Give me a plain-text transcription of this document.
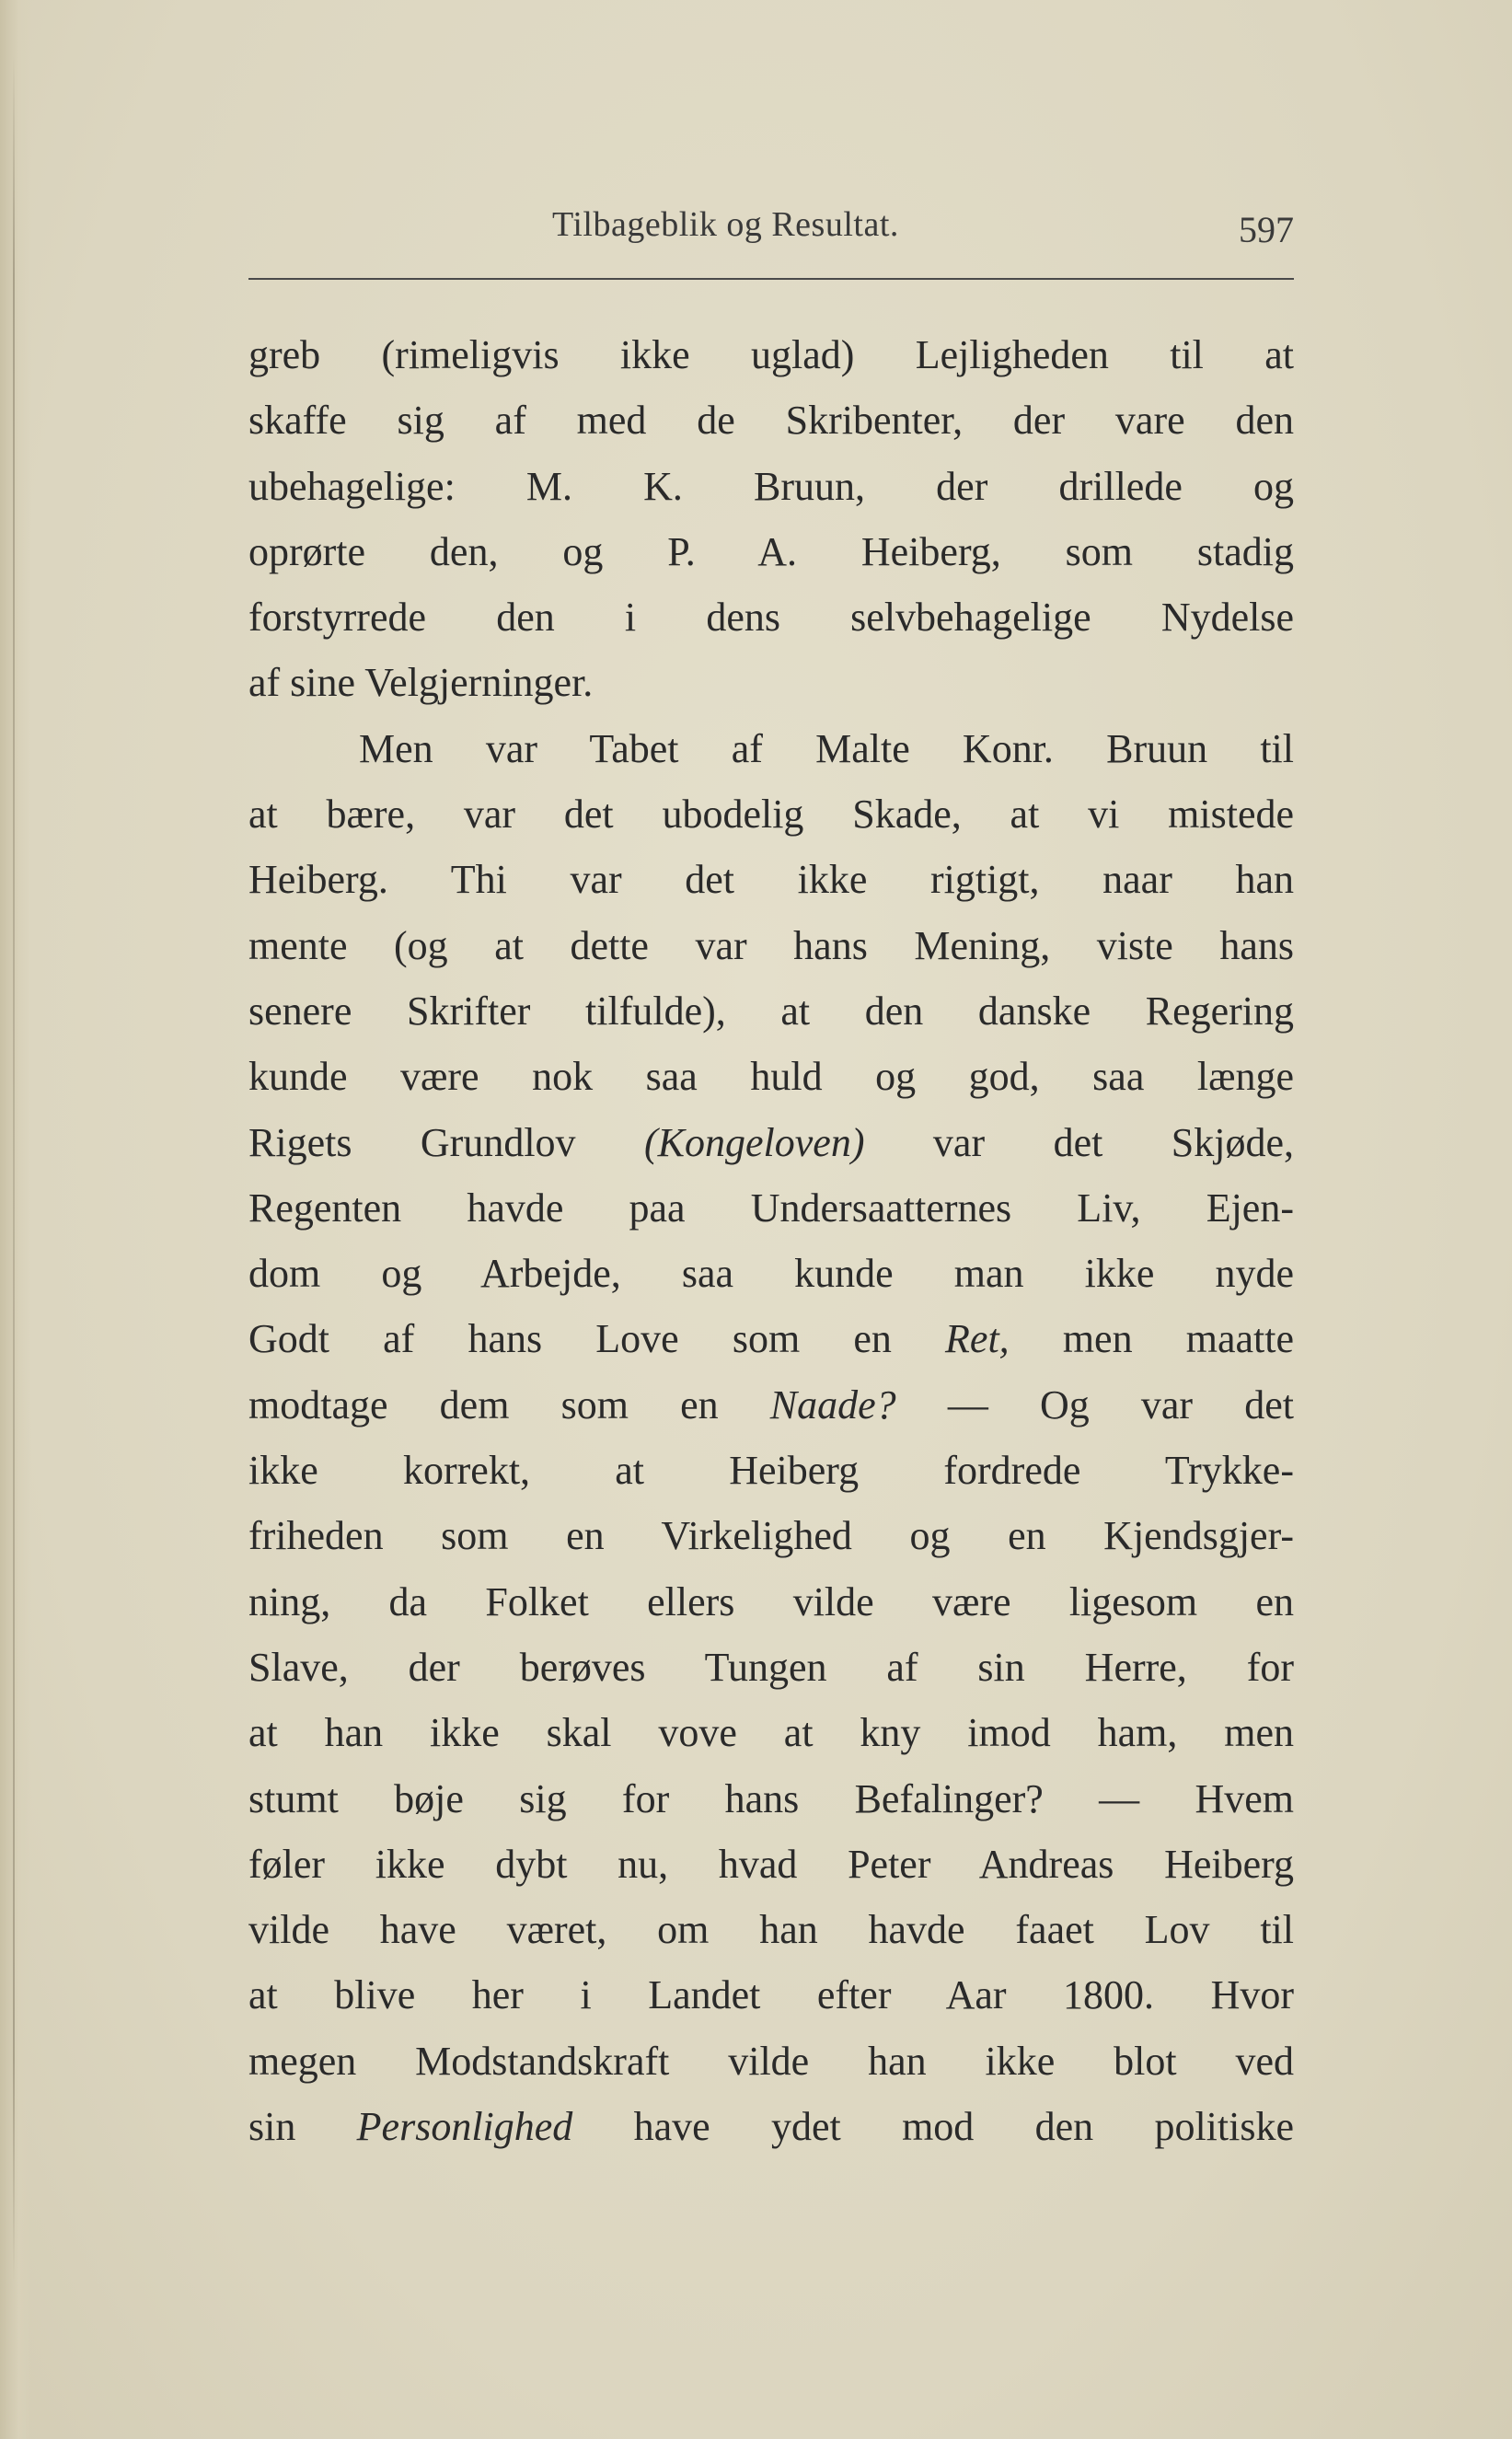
Tilbageblik og Resultat.	597
greb (rimeligvis ikke uglad) Lejligheden til at
skaffe sig af med de Skribenter, der vare den
ubehagelige: M. K. Bruun, der drillede og
oprørte den, og P. A. Heiberg, som stadig
forstyrrede den i dens selvbehagelige Nydelse
af sine Velgjerninger.
Men var Tabet af Malte Konr. Bruun til
at bære, var det ubodelig Skade, at vi mistede
Heiberg. Thi var det ikke rigtigt, naar han
mente (og at dette var hans Mening, viste hans
senere Skrifter tilfulde), at den danske Regering
kunde være nok saa huld og god, saa længe
Rigets Grundlov (Kongeloven) var det Skjøde,
Regenten havde paa Undersaatternes Liv, Ejen-
dom og Arbejde, saa kunde man ikke nyde
Godt af hans Love som en Ret, men maatte
modtage dem som en Naade? — Og var det
ikke korrekt, at Heiberg fordrede Trykke-
friheden som en Virkelighed og en Kjendsgjer-
ning, da Folket ellers vilde være ligesom en
Slave, der berøves Tungen af sin Herre, for
at han ikke skal vove at kny imod ham, men
stumt bøje sig for hans Befalinger? — Hvem
føler ikke dybt nu, hvad Peter Andreas Heiberg
vilde have været, om han havde faaet Lov til
at blive her i Landet efter Aar 1800. Hvor
megen Modstandskraft vilde han ikke blot ved
sin Personlighed have ydet mod den politiske
